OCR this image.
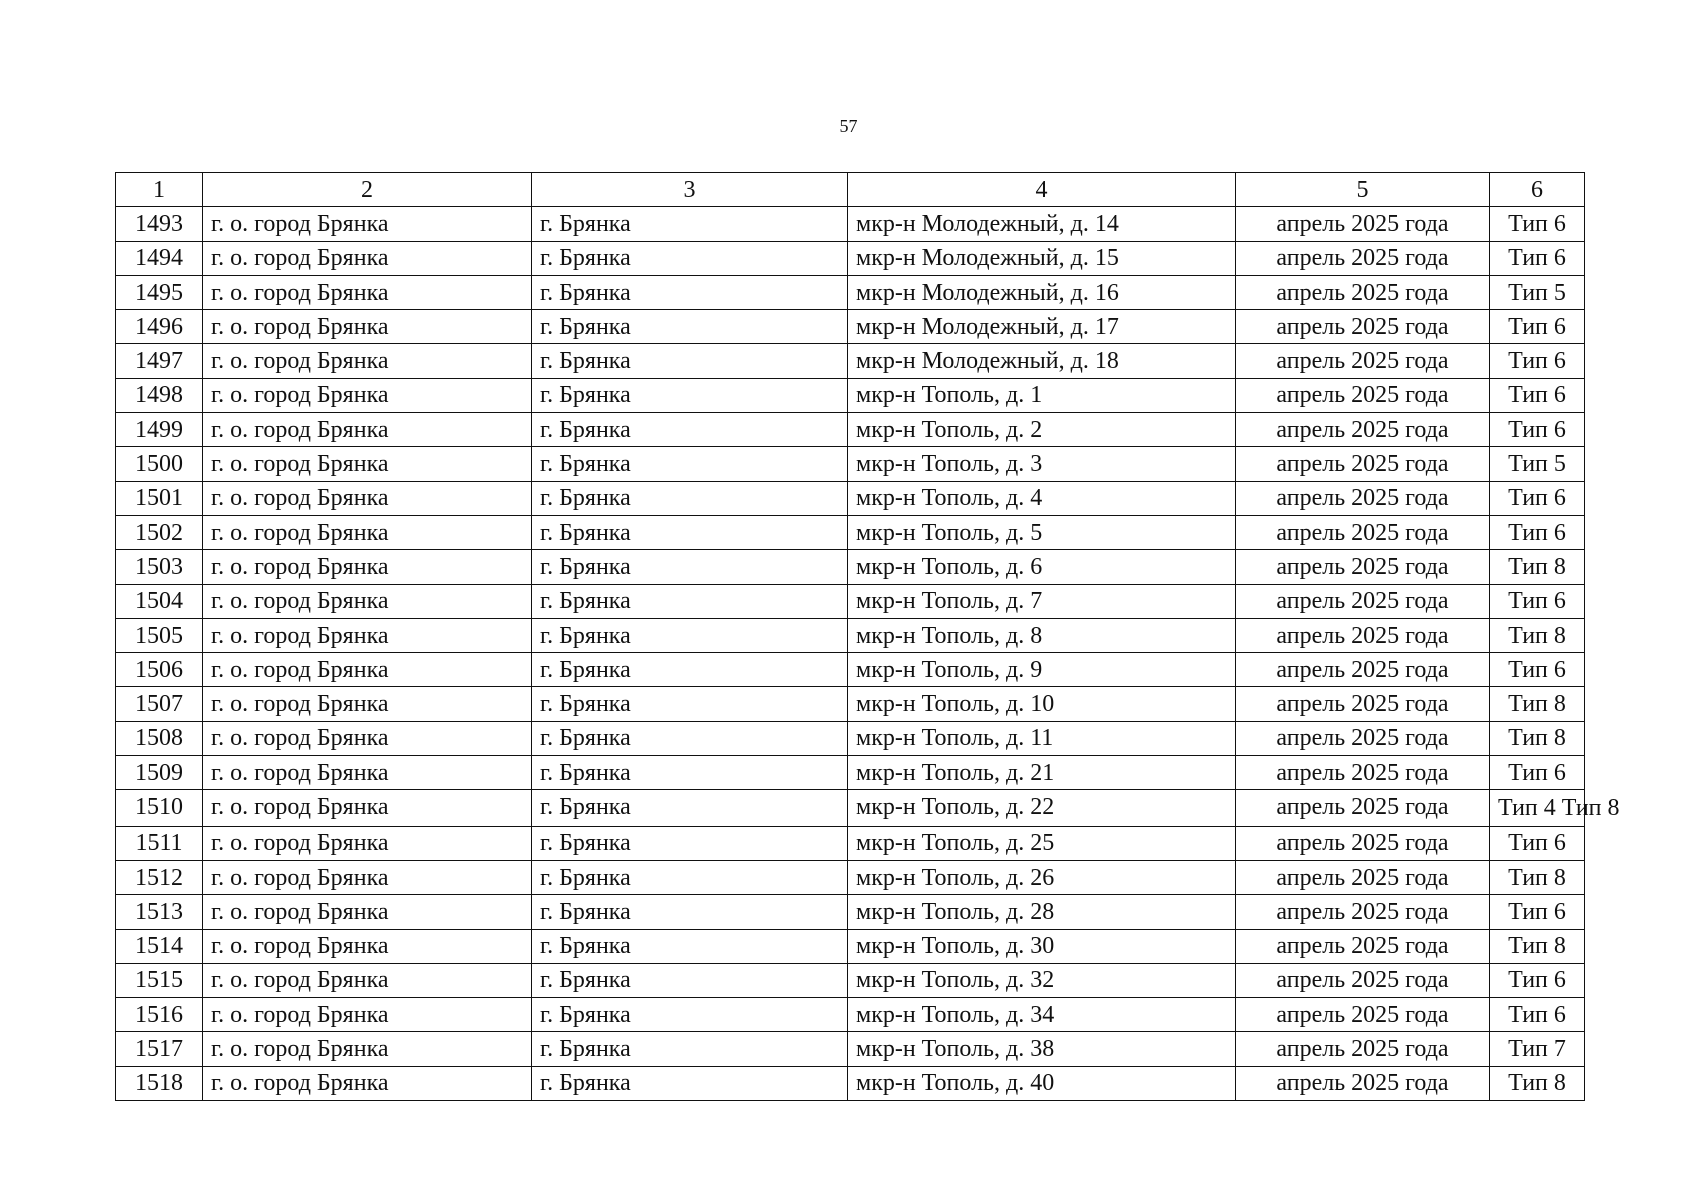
57
1	2	3	4	5	6
1493	г. о. город Брянка	г. Брянка	мкр-н Молодежный, д. 14	апрель 2025 года	Тип 6
1494	г. о. город Брянка	г. Брянка	мкр-н Молодежный, д. 15	апрель 2025 года	Тип 6
1495	г. о. город Брянка	г. Брянка	мкр-н Молодежный, д. 16	апрель 2025 года	Тип 5
1496	г. о. город Брянка	г. Брянка	мкр-н Молодежный, д. 17	апрель 2025 года	Тип 6
1497	г. о. город Брянка	г. Брянка	мкр-н Молодежный, д. 18	апрель 2025 года	Тип 6
1498	г. о. город Брянка	г. Брянка	мкр-н Тополь, д. 1	апрель 2025 года	Тип 6
1499	г. о. город Брянка	г. Брянка	мкр-н Тополь, д. 2	апрель 2025 года	Тип 6
1500	г. о. город Брянка	г. Брянка	мкр-н Тополь, д. 3	апрель 2025 года	Тип 5
1501	г. о. город Брянка	г. Брянка	мкр-н Тополь, д. 4	апрель 2025 года	Тип 6
1502	г. о. город Брянка	г. Брянка	мкр-н Тополь, д. 5	апрель 2025 года	Тип 6
1503	г. о. город Брянка	г. Брянка	мкр-н Тополь, д. 6	апрель 2025 года	Тип 8
1504	г. о. город Брянка	г. Брянка	мкр-н Тополь, д. 7	апрель 2025 года	Тип 6
1505	г. о. город Брянка	г. Брянка	мкр-н Тополь, д. 8	апрель 2025 года	Тип 8
1506	г. о. город Брянка	г. Брянка	мкр-н Тополь, д. 9	апрель 2025 года	Тип 6
1507	г. о. город Брянка	г. Брянка	мкр-н Тополь, д. 10	апрель 2025 года	Тип 8
1508	г. о. город Брянка	г. Брянка	мкр-н Тополь, д. 11	апрель 2025 года	Тип 8
1509	г. о. город Брянка	г. Брянка	мкр-н Тополь, д. 21	апрель 2025 года	Тип 6
1510	г. о. город Брянка	г. Брянка	мкр-н Тополь, д. 22	апрель 2025 года	Тип 4 Тип 8
1511	г. о. город Брянка	г. Брянка	мкр-н Тополь, д. 25	апрель 2025 года	Тип 6
1512	г. о. город Брянка	г. Брянка	мкр-н Тополь, д. 26	апрель 2025 года	Тип 8
1513	г. о. город Брянка	г. Брянка	мкр-н Тополь, д. 28	апрель 2025 года	Тип 6
1514	г. о. город Брянка	г. Брянка	мкр-н Тополь, д. 30	апрель 2025 года	Тип 8
1515	г. о. город Брянка	г. Брянка	мкр-н Тополь, д. 32	апрель 2025 года	Тип 6
1516	г. о. город Брянка	г. Брянка	мкр-н Тополь, д. 34	апрель 2025 года	Тип 6
1517	г. о. город Брянка	г. Брянка	мкр-н Тополь, д. 38	апрель 2025 года	Тип 7
1518	г. о. город Брянка	г. Брянка	мкр-н Тополь, д. 40	апрель 2025 года	Тип 8
